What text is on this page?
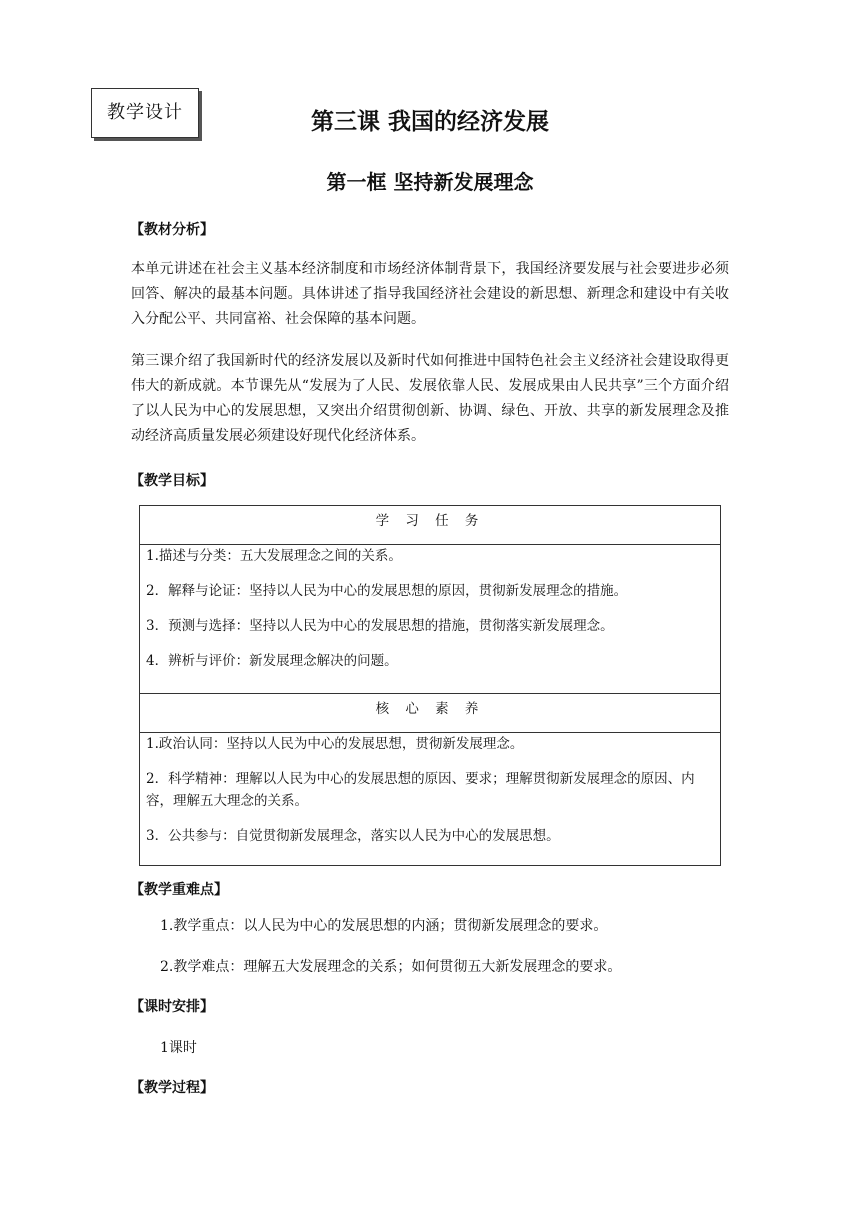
教学设计	第三课 我国的经济发展
第一框 坚持新发展理念
【教材分析】
本单元讲述在社会主义基本经济制度和市场经济体制背景下，我国经济要发展与社会要进步必须回答、解决的最基本问题。具体讲述了指导我国经济社会建设的新思想、新理念和建设中有关收入分配公平、共同富裕、社会保障的基本问题。
第三课介绍了我国新时代的经济发展以及新时代如何推进中国特色社会主义经济社会建设取得更伟大的新成就。本节课先从“发展为了人民、发展依靠人民、发展成果由人民共享”三个方面介绍了以人民为中心的发展思想，又突出介绍贯彻创新、协调、绿色、开放、共享的新发展理念及推动经济高质量发展必须建设好现代化经济体系。
【教学目标】
学 习 任 务

1.描述与分类：五大发展理念之间的关系。

2．解释与论证：坚持以人民为中心的发展思想的原因，贯彻新发展理念的措施。

3．预测与选择：坚持以人民为中心的发展思想的措施，贯彻落实新发展理念。

4．辨析与评价：新发展理念解决的问题。

核 心 素 养

1.政治认同：坚持以人民为中心的发展思想，贯彻新发展理念。

2．科学精神：理解以人民为中心的发展思想的原因、要求；理解贯彻新发展理念的原因、内容，理解五大理念的关系。

3．公共参与：自觉贯彻新发展理念，落实以人民为中心的发展思想。

【教学重难点】
1.教学重点：以人民为中心的发展思想的内涵；贯彻新发展理念的要求。
2.教学难点：理解五大发展理念的关系；如何贯彻五大新发展理念的要求。
【课时安排】
1课时
【教学过程】
